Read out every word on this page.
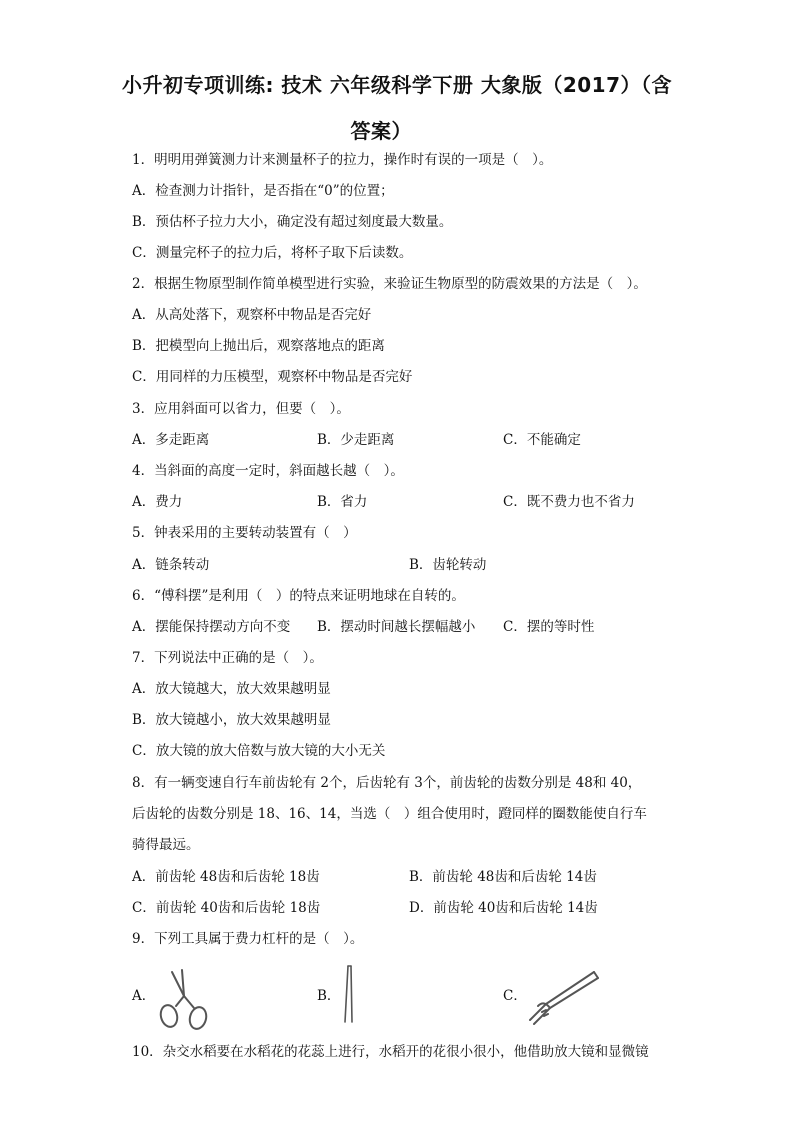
小升初专项训练: 技术 六年级科学下册 大象版（2017）（含
答案）
1．明明用弹簧测力计来测量杯子的拉力，操作时有误的一项是（　）。
A．检查测力计指针，是否指在“0”的位置；
B．预估杯子拉力大小，确定没有超过刻度最大数量。
C．测量完杯子的拉力后，将杯子取下后读数。
2．根据生物原型制作简单模型进行实验，来验证生物原型的防震效果的方法是（　）。
A．从高处落下，观察杯中物品是否完好
B．把模型向上抛出后，观察落地点的距离
C．用同样的力压模型，观察杯中物品是否完好
3．应用斜面可以省力，但要（　）。
A．多走距离	B．少走距离	C．不能确定
4．当斜面的高度一定时，斜面越长越（　）。
A．费力	B．省力	C．既不费力也不省力
5．钟表采用的主要转动装置有（　）
A．链条转动	B．齿轮转动
6．“傅科摆”是利用（　）的特点来证明地球在自转的。
A．摆能保持摆动方向不变 B．摆动时间越长摆幅越小 C．摆的等时性
7．下列说法中正确的是（　）。
A．放大镜越大，放大效果越明显
B．放大镜越小，放大效果越明显
C．放大镜的放大倍数与放大镜的大小无关
8．有一辆变速自行车前齿轮有 2个，后齿轮有 3个，前齿轮的齿数分别是 48和 40，
后齿轮的齿数分别是 18、16、14，当选（　）组合使用时，蹬同样的圈数能使自行车
骑得最远。
A．前齿轮 48齿和后齿轮 18齿	B．前齿轮 48齿和后齿轮 14齿
C．前齿轮 40齿和后齿轮 18齿	D．前齿轮 40齿和后齿轮 14齿
9．下列工具属于费力杠杆的是（　）。
A．	B．	C．
10．杂交水稻要在水稻花的花蕊上进行，水稻开的花很小很小，他借助放大镜和显微镜
